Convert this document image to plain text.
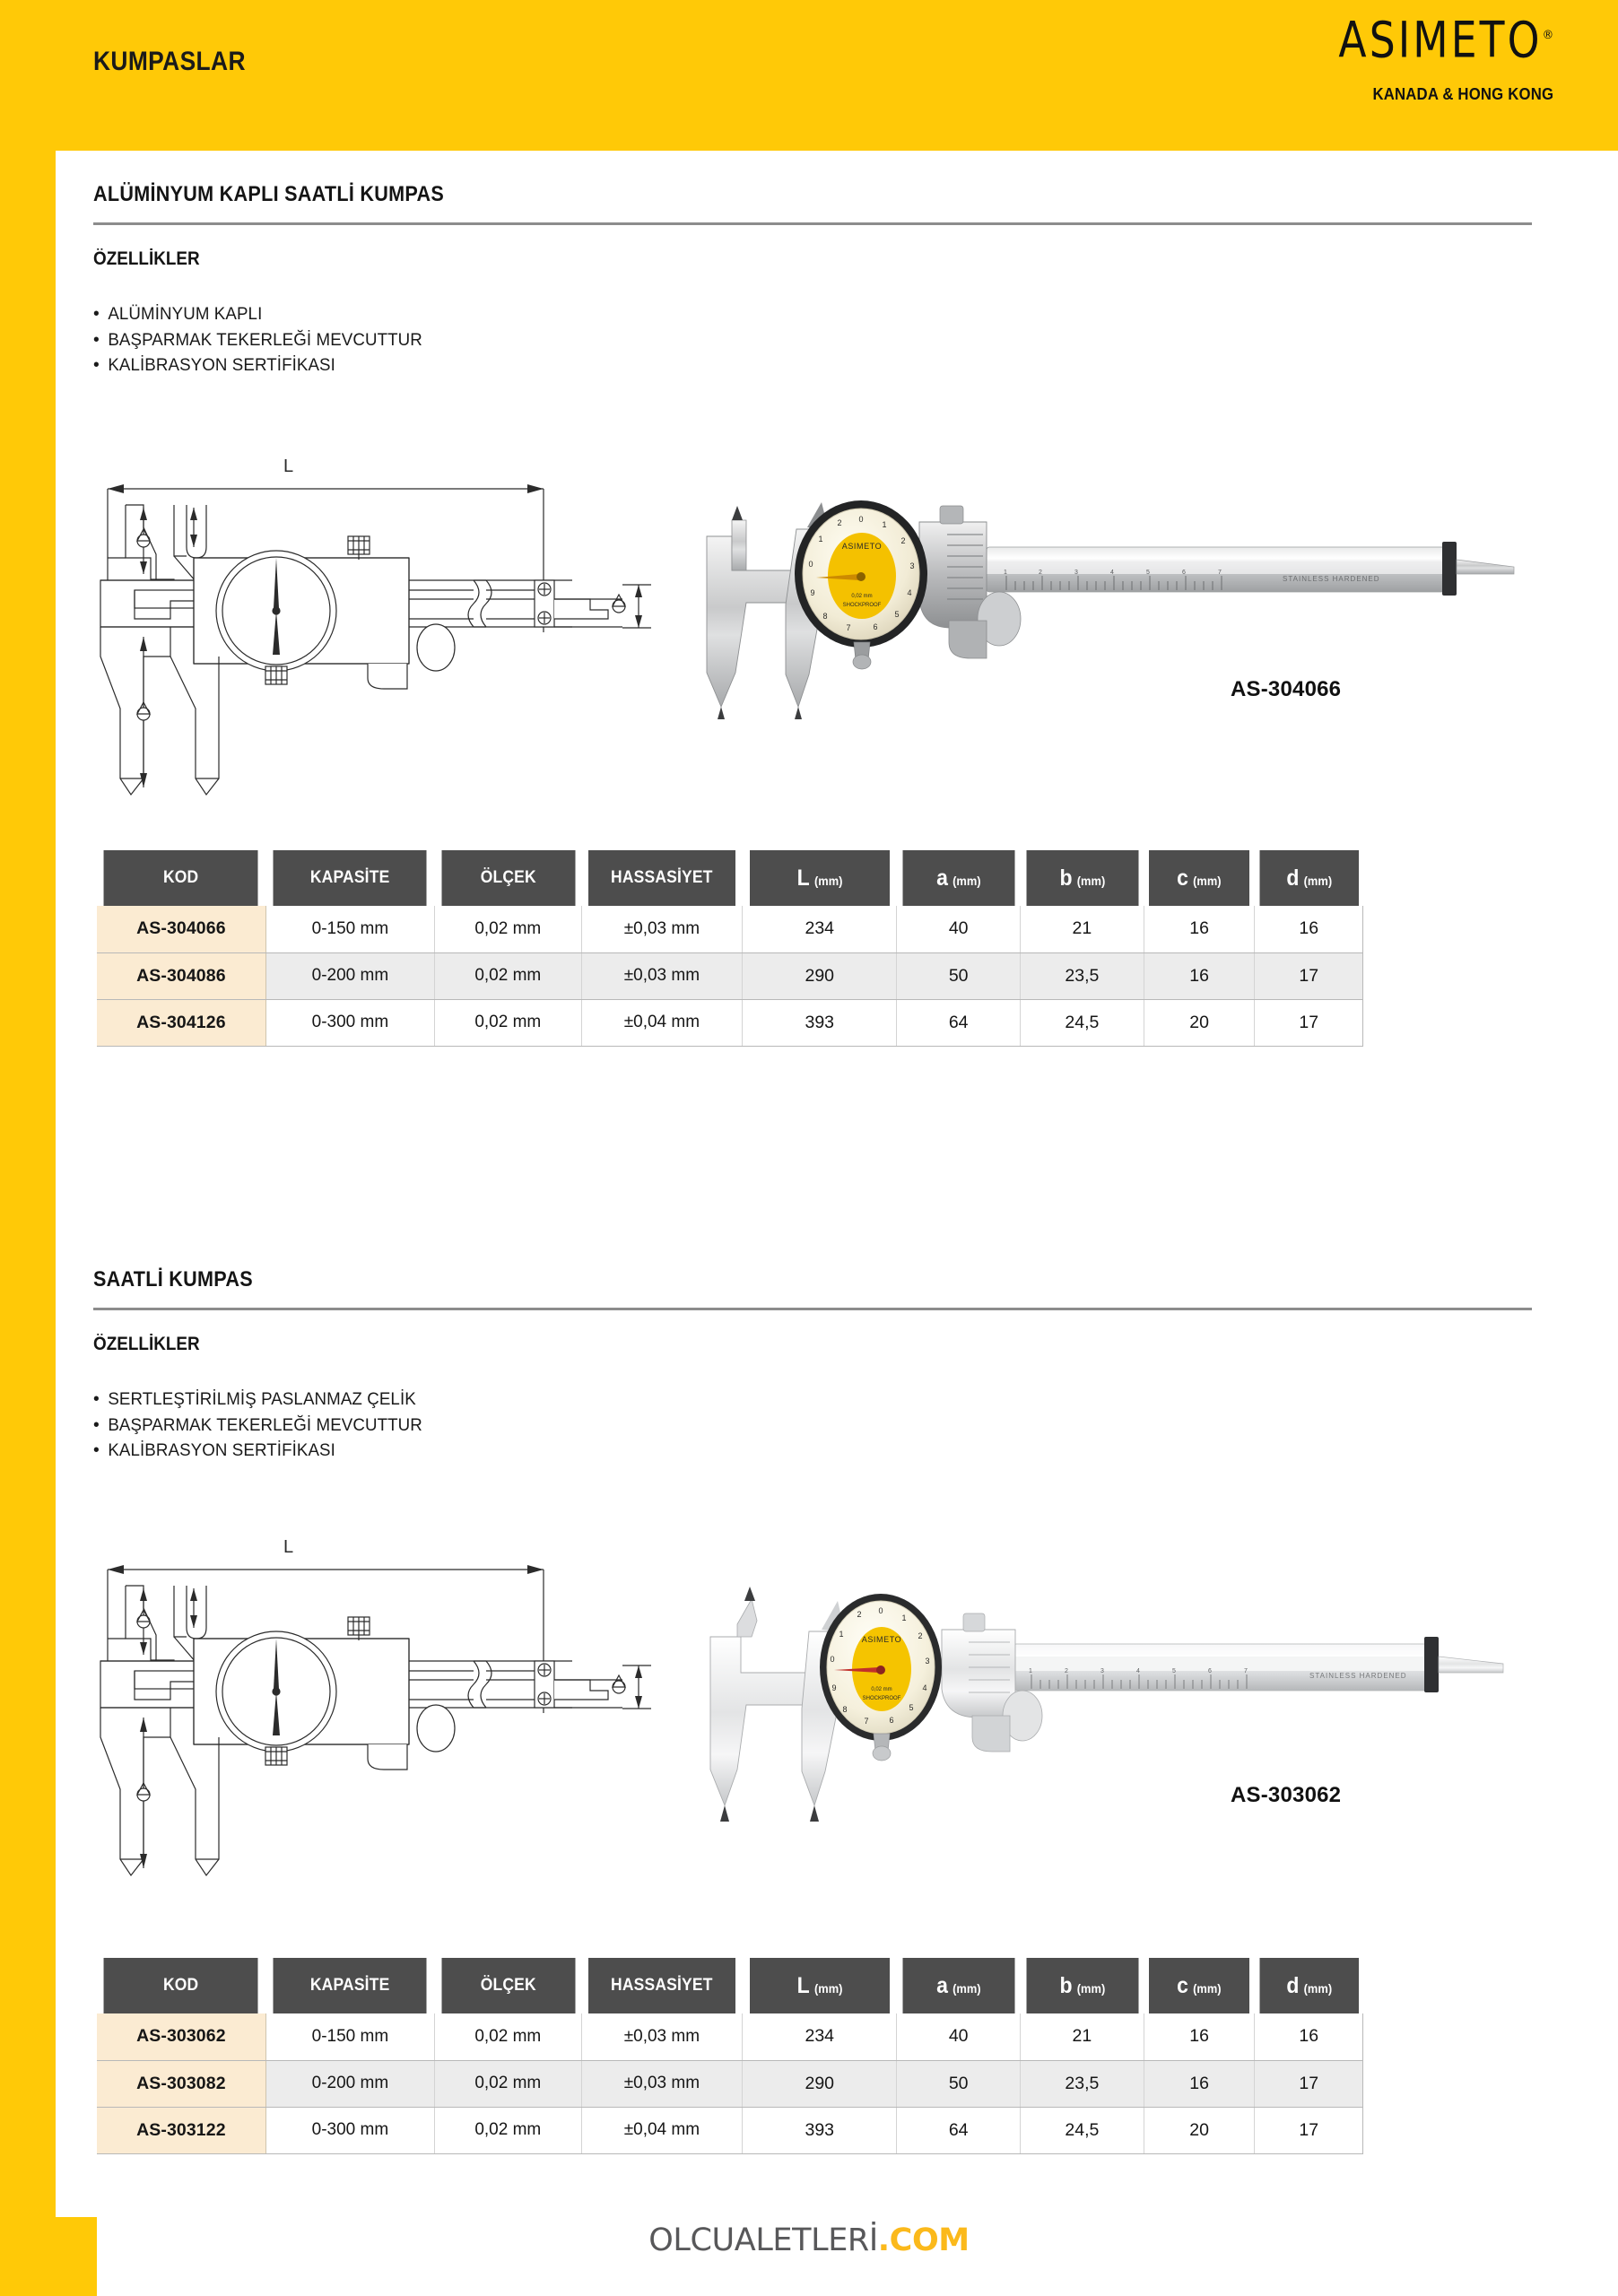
KUMPASLAR	ASIMETO®
KANADA & HONG KONG
ALÜMİNYUM KAPLI SAATLİ KUMPAS
ÖZELLİKLER
• ALÜMİNYUM KAPLI
• BAŞPARMAK TEKERLEĞİ MEVCUTTUR
• KALİBRASYON SERTİFİKASI
L
1	2	3	4	5	6	7
STAINLESS HARDENED
0
1
2
3
4
5
6
7
8
9
0
1
2
ASIMETO
0,02 mm
SHOCKPROOF
AS-304066
KOD	KAPASİTE	ÖLÇEK	HASSASİYET	L (mm)	a (mm)	b (mm)	c (mm)	d (mm)
AS-304066	0-150 mm	0,02 mm	±0,03 mm	234	40	21	16	16
AS-304086	0-200 mm	0,02 mm	±0,03 mm	290	50	23,5	16	17
AS-304126	0-300 mm	0,02 mm	±0,04 mm	393	64	24,5	20	17
SAATLİ KUMPAS
ÖZELLİKLER
• SERTLEŞTİRİLMİŞ PASLANMAZ ÇELİK
• BAŞPARMAK TEKERLEĞİ MEVCUTTUR
• KALİBRASYON SERTİFİKASI
L
1	2	3	4	5	6	7
STAINLESS HARDENED
0
1
2
3
4
5
6
7
8
9
0
1
2
ASIMETO
0,02 mm
SHOCKPROOF
AS-303062
KOD	KAPASİTE	ÖLÇEK	HASSASİYET	L (mm)	a (mm)	b (mm)	c (mm)	d (mm)
AS-303062	0-150 mm	0,02 mm	±0,03 mm	234	40	21	16	16
AS-303082	0-200 mm	0,02 mm	±0,03 mm	290	50	23,5	16	17
AS-303122	0-300 mm	0,02 mm	±0,04 mm	393	64	24,5	20	17
OLCUALETLERİ.COM
